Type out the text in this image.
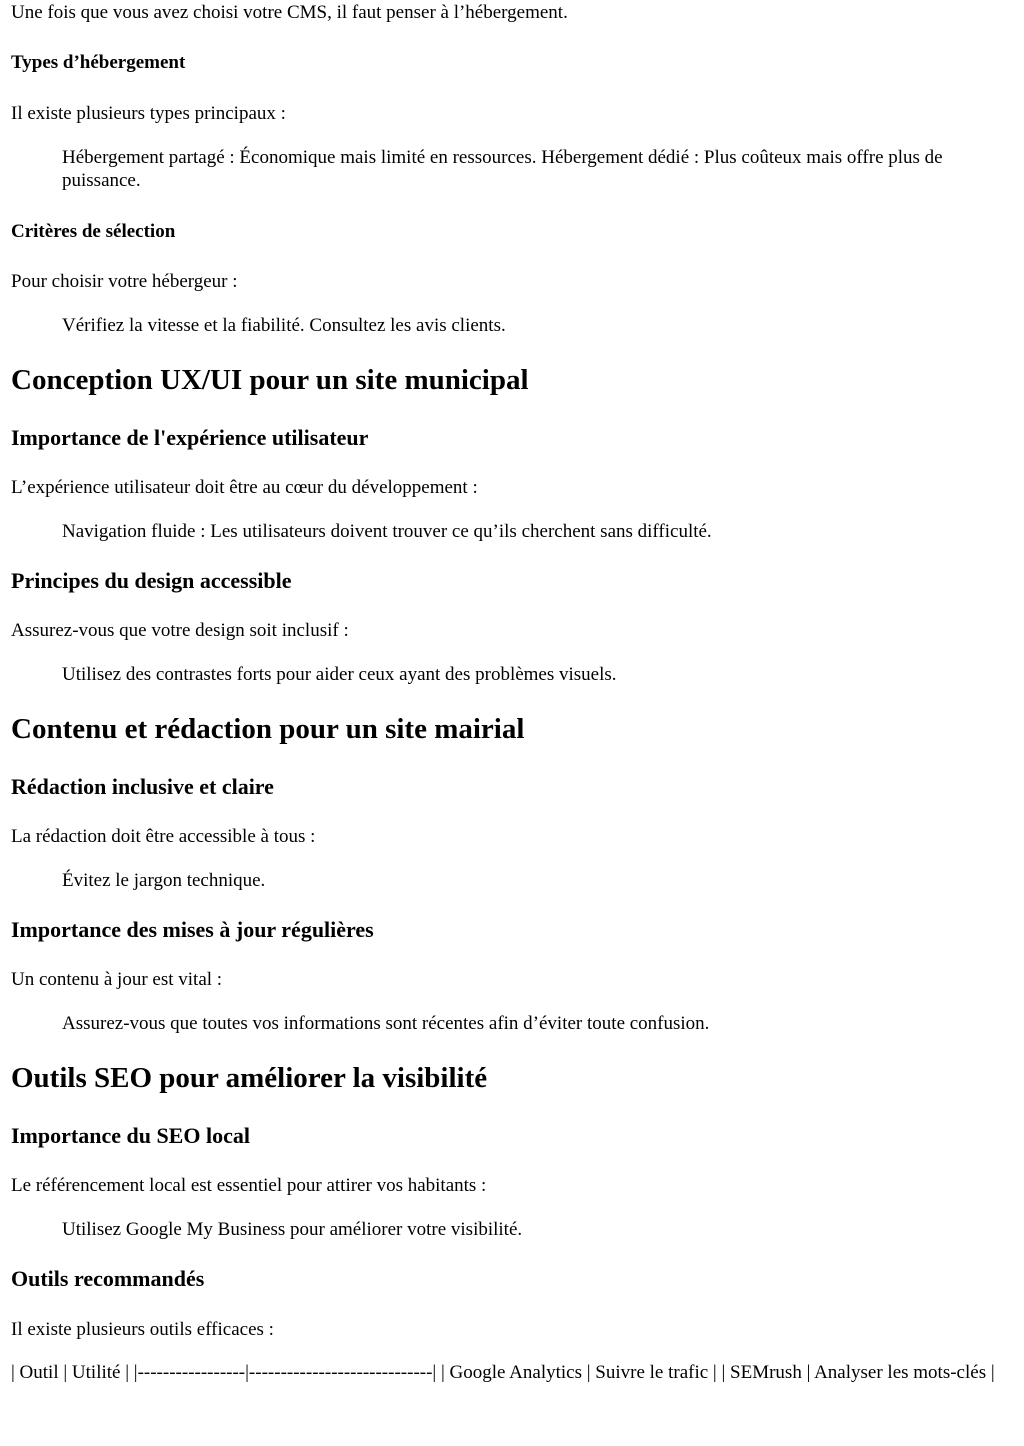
Une fois que vous avez choisi votre CMS, il faut penser à l’hébergement.

Types d’hébergement

Il existe plusieurs types principaux :

Hébergement partagé : Économique mais limité en ressources. Hébergement dédié : Plus coûteux mais offre plus de puissance.
Critères de sélection

Pour choisir votre hébergeur :

Vérifiez la vitesse et la fiabilité. Consultez les avis clients.
Conception UX/UI pour un site municipal
Importance de l'expérience utilisateur

L’expérience utilisateur doit être au cœur du développement :

Navigation fluide : Les utilisateurs doivent trouver ce qu’ils cherchent sans difficulté.
Principes du design accessible

Assurez-vous que votre design soit inclusif :

Utilisez des contrastes forts pour aider ceux ayant des problèmes visuels.
Contenu et rédaction pour un site mairial
Rédaction inclusive et claire

La rédaction doit être accessible à tous :

Évitez le jargon technique.
Importance des mises à jour régulières

Un contenu à jour est vital :

Assurez-vous que toutes vos informations sont récentes afin d’éviter toute confusion.
Outils SEO pour améliorer la visibilité
Importance du SEO local

Le référencement local est essentiel pour attirer vos habitants :

Utilisez Google My Business pour améliorer votre visibilité.
Outils recommandés

Il existe plusieurs outils efficaces :

| Outil | Utilité | |-----------------|-----------------------------| | Google Analytics | Suivre le trafic | | SEMrush | Analyser les mots-clés |
